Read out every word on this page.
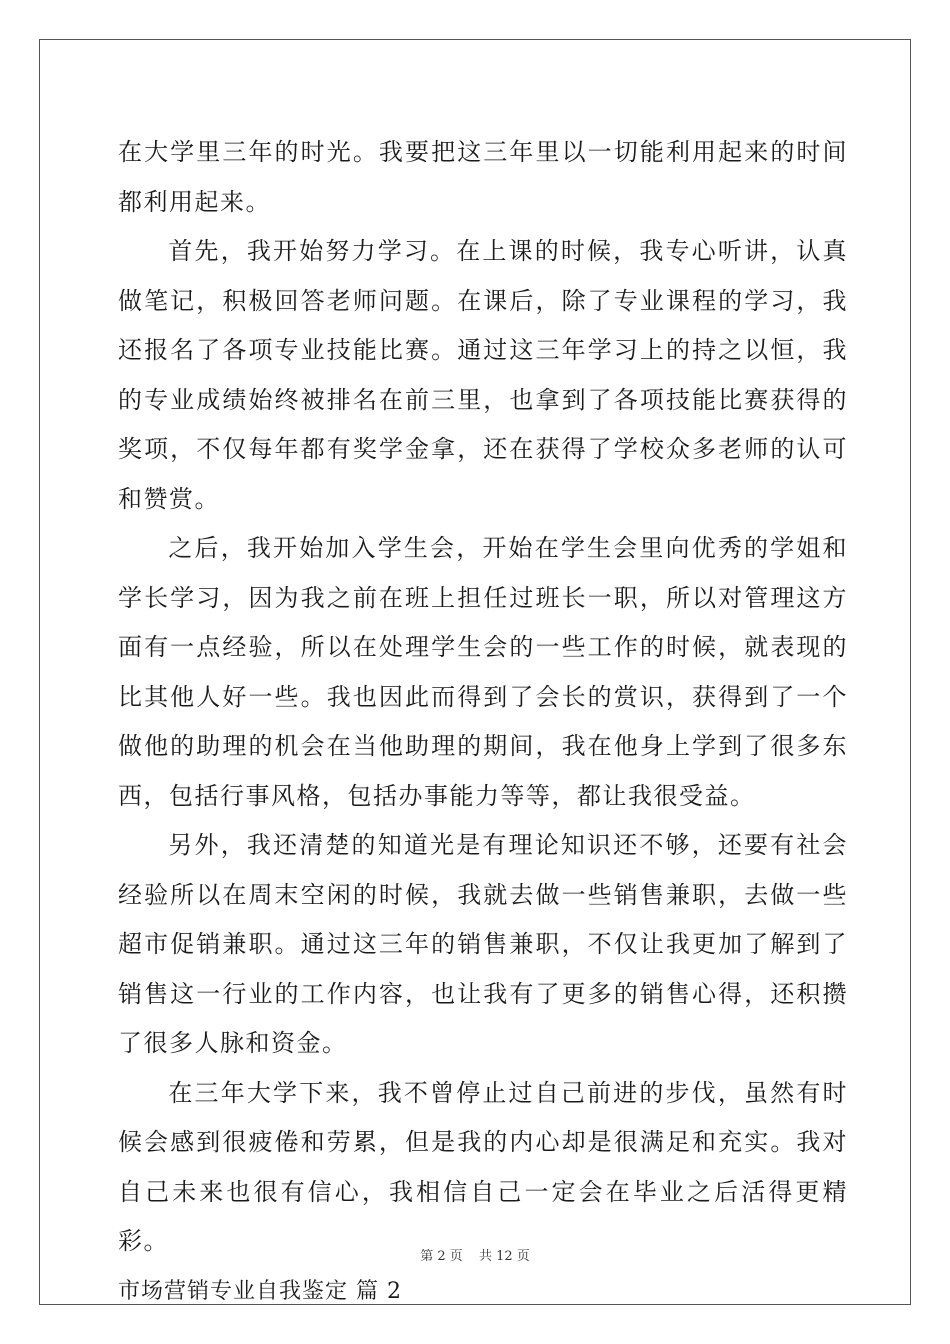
在大学里三年的时光。我要把这三年里以一切能利用起来的时间都利用起来。

首先，我开始努力学习。在上课的时候，我专心听讲，认真做笔记，积极回答老师问题。在课后，除了专业课程的学习，我还报名了各项专业技能比赛。通过这三年学习上的持之以恒，我的专业成绩始终被排名在前三里，也拿到了各项技能比赛获得的奖项，不仅每年都有奖学金拿，还在获得了学校众多老师的认可和赞赏。

之后，我开始加入学生会，开始在学生会里向优秀的学姐和学长学习，因为我之前在班上担任过班长一职，所以对管理这方面有一点经验，所以在处理学生会的一些工作的时候，就表现的比其他人好一些。我也因此而得到了会长的赏识，获得到了一个做他的助理的机会在当他助理的期间，我在他身上学到了很多东西，包括行事风格，包括办事能力等等，都让我很受益。

另外，我还清楚的知道光是有理论知识还不够，还要有社会经验所以在周末空闲的时候，我就去做一些销售兼职，去做一些超市促销兼职。通过这三年的销售兼职，不仅让我更加了解到了销售这一行业的工作内容，也让我有了更多的销售心得，还积攒了很多人脉和资金。

在三年大学下来，我不曾停止过自己前进的步伐，虽然有时候会感到很疲倦和劳累，但是我的内心却是很满足和充实。我对自己未来也很有信心，我相信自己一定会在毕业之后活得更精彩。

市场营销专业自我鉴定 篇 2

第 2 页 共 12 页
